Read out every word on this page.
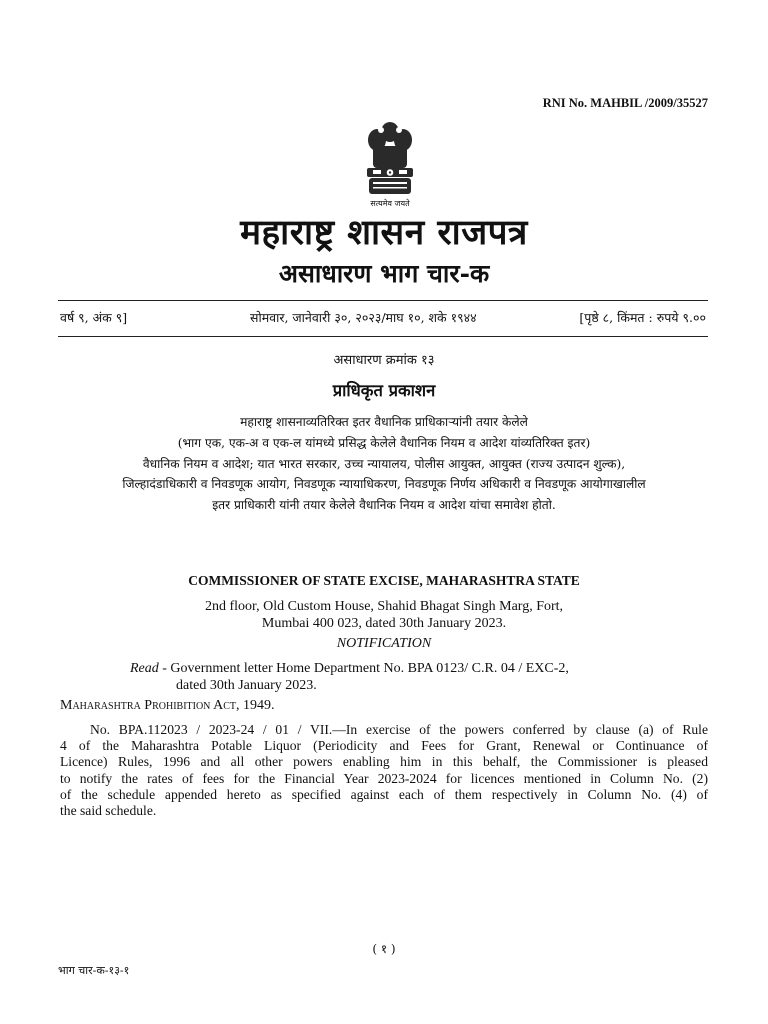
RNI No. MAHBIL /2009/35527
सत्यमेव जयते
महाराष्ट्र शासन राजपत्र
असाधारण भाग चार-क
वर्ष ९, अंक ९]	सोमवार, जानेवारी ३०, २०२३/माघ १०, शके १९४४	[पृष्ठे ८, किंमत : रुपये ९.००
असाधारण क्रमांक १३
प्राधिकृत प्रकाशन
महाराष्ट्र शासनाव्यतिरिक्त इतर वैधानिक प्राधिकाऱ्यांनी तयार केलेले
(भाग एक, एक-अ व एक-ल यांमध्ये प्रसिद्ध केलेले वैधानिक नियम व आदेश यांव्यतिरिक्त इतर)
वैधानिक नियम व आदेश; यात भारत सरकार, उच्च न्यायालय, पोलीस आयुक्त, आयुक्त (राज्य उत्पादन शुल्क),
जिल्हादंडाधिकारी व निवडणूक आयोग, निवडणूक न्यायाधिकरण, निवडणूक निर्णय अधिकारी व निवडणूक आयोगाखालील
इतर प्राधिकारी यांनी तयार केलेले वैधानिक नियम व आदेश यांचा समावेश होतो.
COMMISSIONER OF STATE EXCISE, MAHARASHTRA STATE
2nd floor, Old Custom House, Shahid Bhagat Singh Marg, Fort,
Mumbai 400 023, dated 30th January 2023.
NOTIFICATION
Read - Government letter Home Department No. BPA 0123/ C.R. 04 / EXC-2,
dated 30th January 2023.
Maharashtra Prohibition Act, 1949.
No. BPA.112023 / 2023-24 / 01 / VII.—In exercise of the powers conferred by clause (a) of Rule
4 of the Maharashtra Potable Liquor (Periodicity and Fees for Grant, Renewal or Continuance of
Licence) Rules, 1996 and all other powers enabling him in this behalf, the Commissioner is pleased
to notify the rates of fees for the Financial Year 2023-2024 for licences mentioned in Column No. (2)
of the schedule appended hereto as specified against each of them respectively in Column No. (4) of
the said schedule.
( १ )
भाग चार-क-१३-१
